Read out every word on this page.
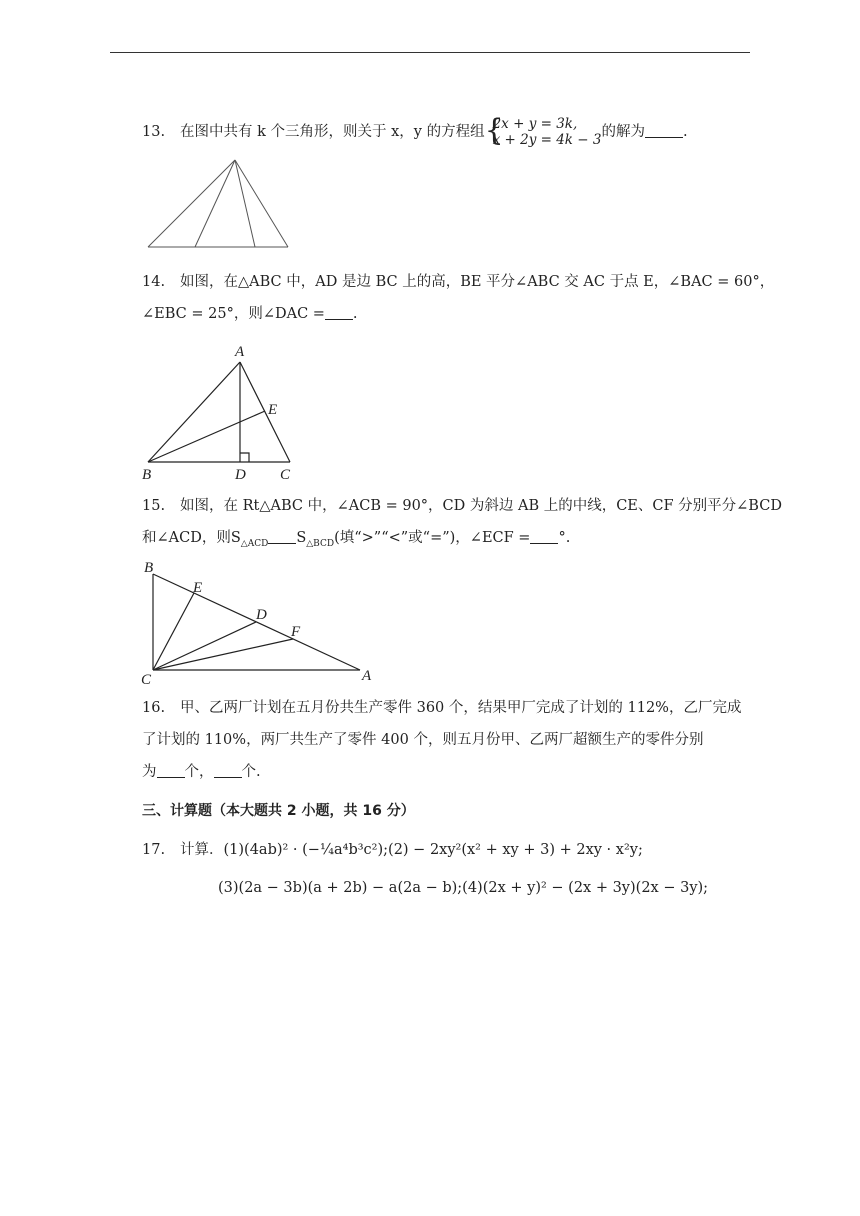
13. 在图中共有 k 个三角形，则关于 x，y 的方程组 {
2x + y = 3k,
x + 2y = 4k − 3 的解为	.
14. 如图，在△ABC 中，AD 是边 BC 上的高，BE 平分∠ABC 交 AC 于点 E，∠BAC = 60°，
∠EBC = 25°，则∠DAC = .
A
B	C
D
E
15. 如图，在 Rt△ABC 中，∠ACB = 90°，CD 为斜边 AB 上的中线，CE、CF 分别平分∠BCD
和∠ACD，则$S_{\triangle ACD}$ $S_{\triangle BCD}$(填“>”“<”或“=”)，∠ECF = °.
B
E
D
F
C	A
16. 甲、乙两厂计划在五月份共生产零件 360 个，结果甲厂完成了计划的 112%，乙厂完成
了计划的 110%，两厂共生产了零件 400 个，则五月份甲、乙两厂超额生产的零件分别
为 个， 个.
三、计算题（本大题共 2 小题，共 16 分）
17. 计算．(1)(4ab)² · (−¼a⁴b³c²);(2) − 2xy²(x² + xy + 3) + 2xy · x²y;
(3)(2a − 3b)(a + 2b) − a(2a − b);(4)(2x + y)² − (2x + 3y)(2x − 3y);
